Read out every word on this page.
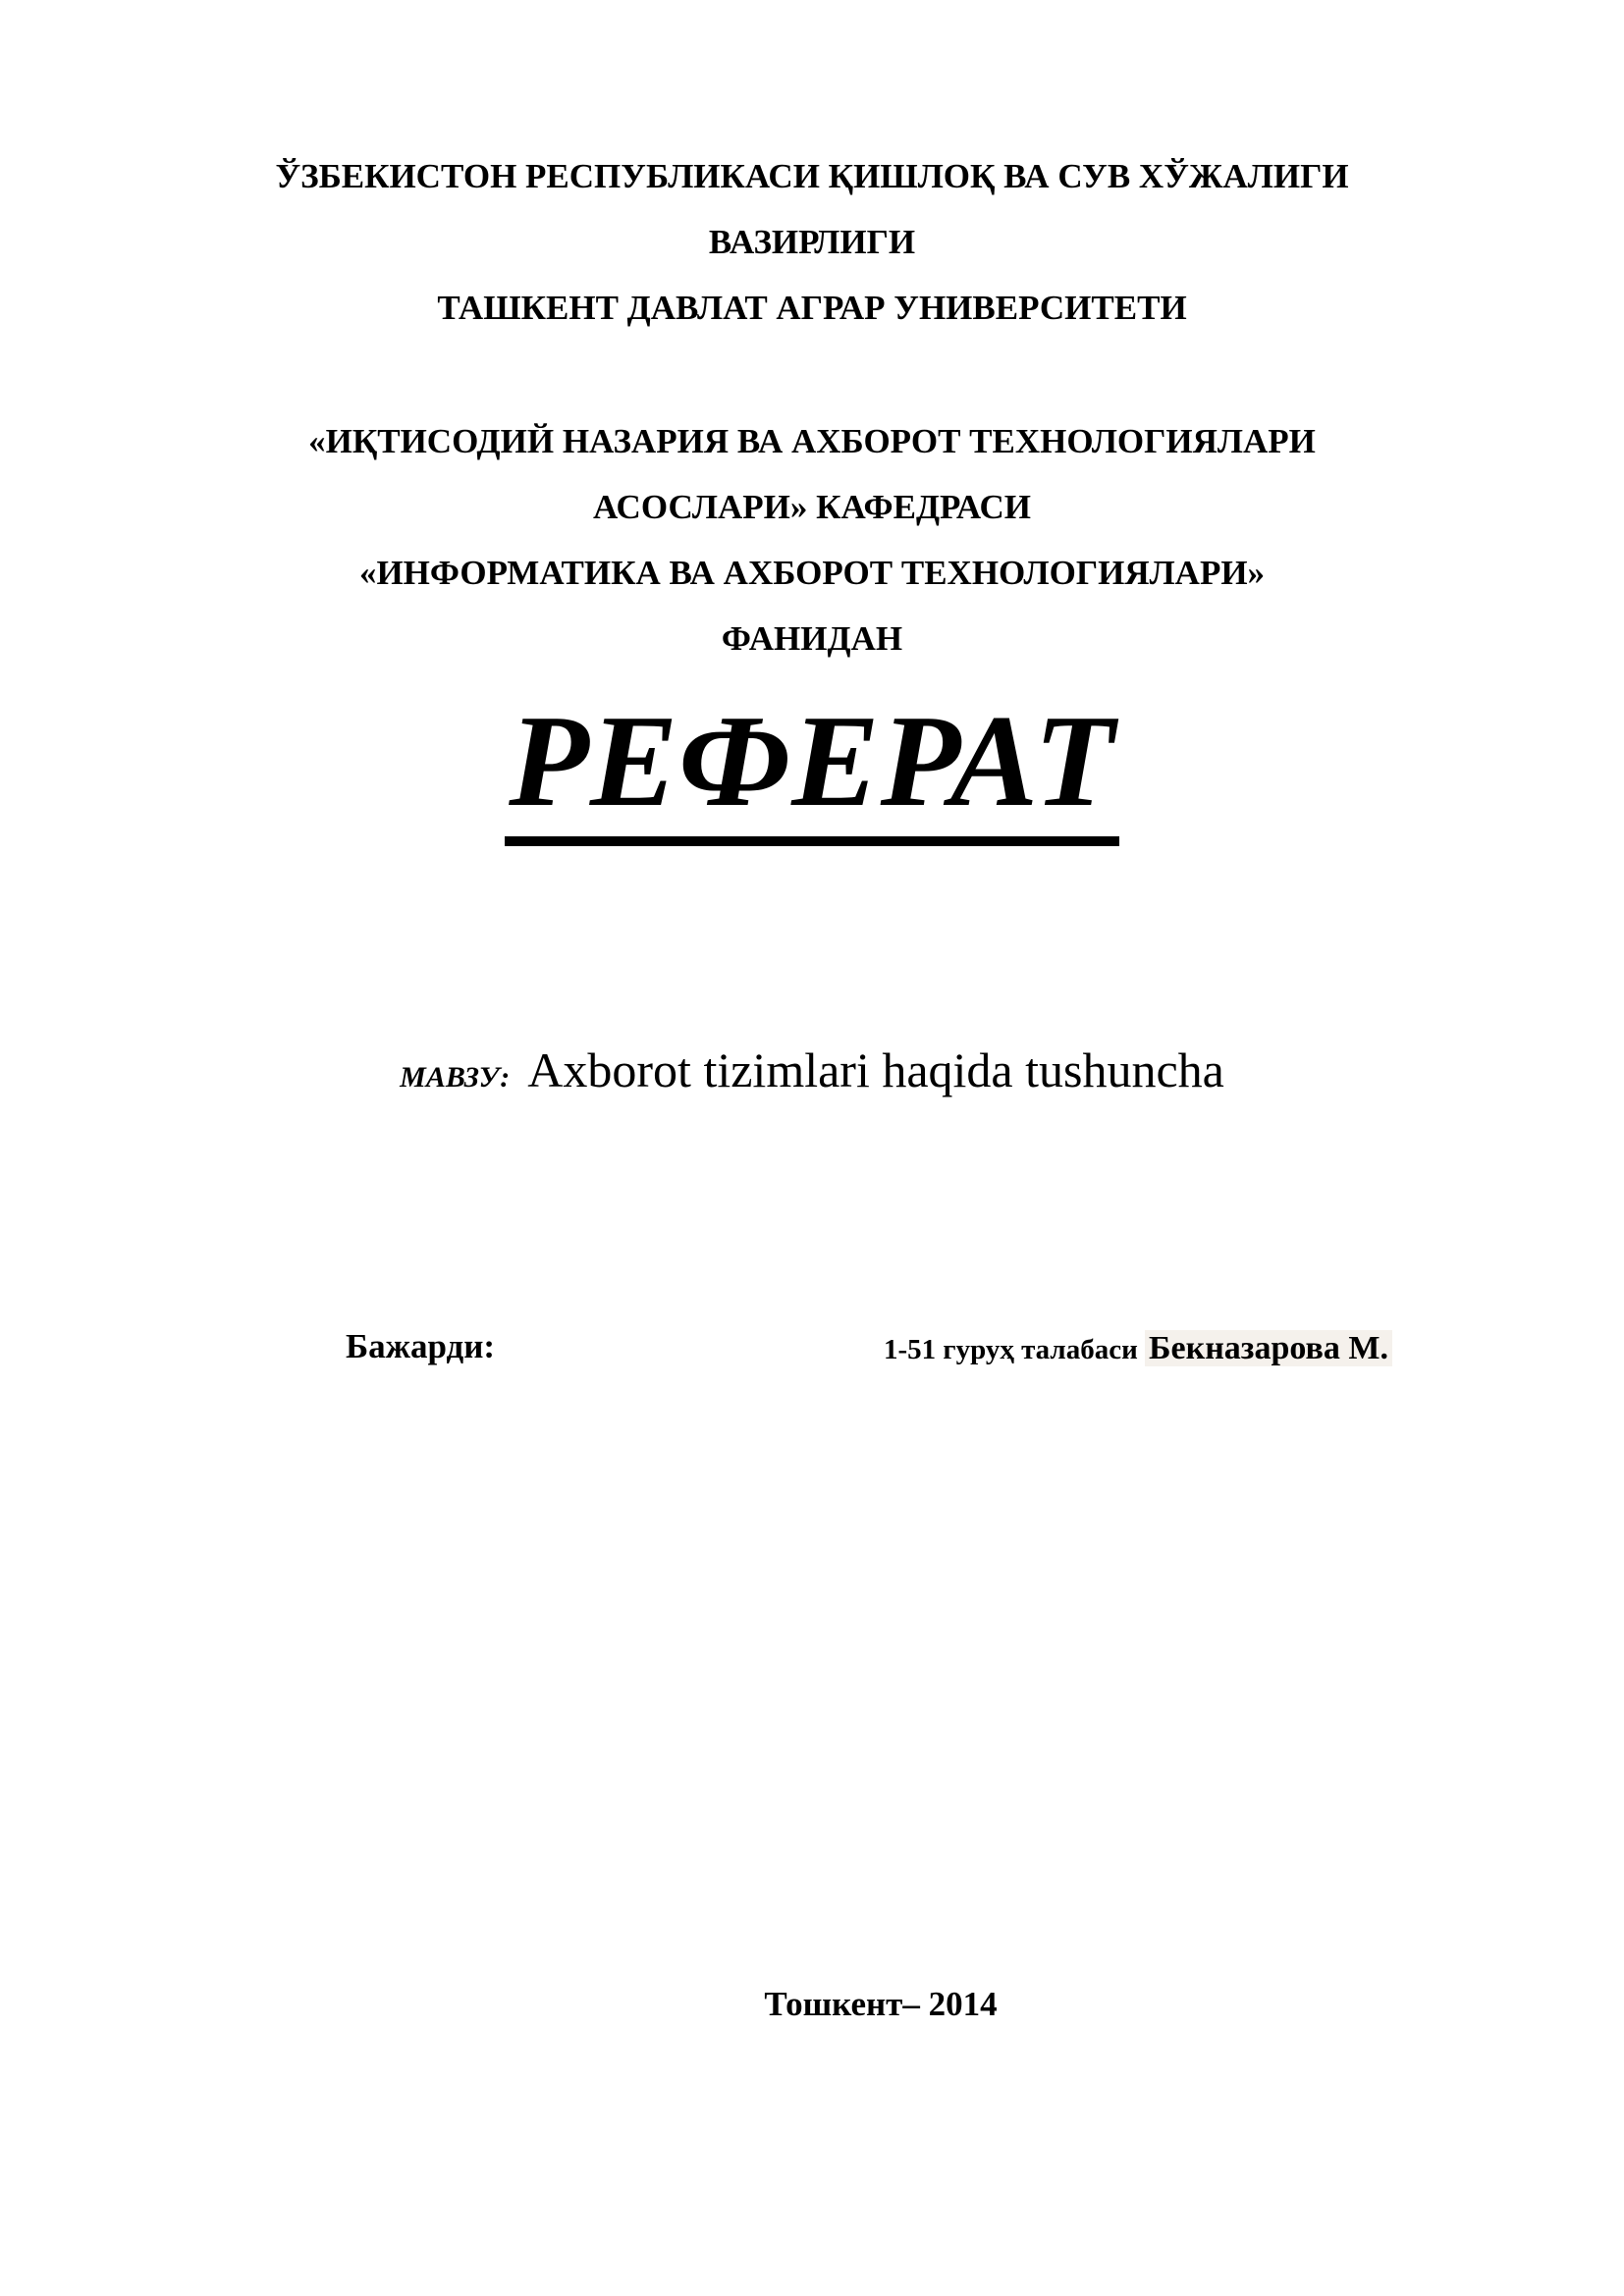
ЎЗБЕКИСТОН РЕСПУБЛИКАСИ ҚИШЛОҚ ВА СУВ ХЎЖАЛИГИ
ВАЗИРЛИГИ
ТАШКЕНТ ДАВЛАТ АГРАР УНИВЕРСИТЕТИ
«ИҚТИСОДИЙ НАЗАРИЯ ВА АХБОРОТ ТЕХНОЛОГИЯЛАРИ
АСОСЛАРИ» КАФЕДРАСИ
«ИНФОРМАТИКА ВА АХБОРОТ ТЕХНОЛОГИЯЛАРИ»
ФАНИДАН
РЕФЕРАТ
МАВЗУ: Axborot tizimlari haqida tushuncha
Бажарди:	1-51 гуруҳ талабаси Бекназарова М.
Тошкент– 2014
